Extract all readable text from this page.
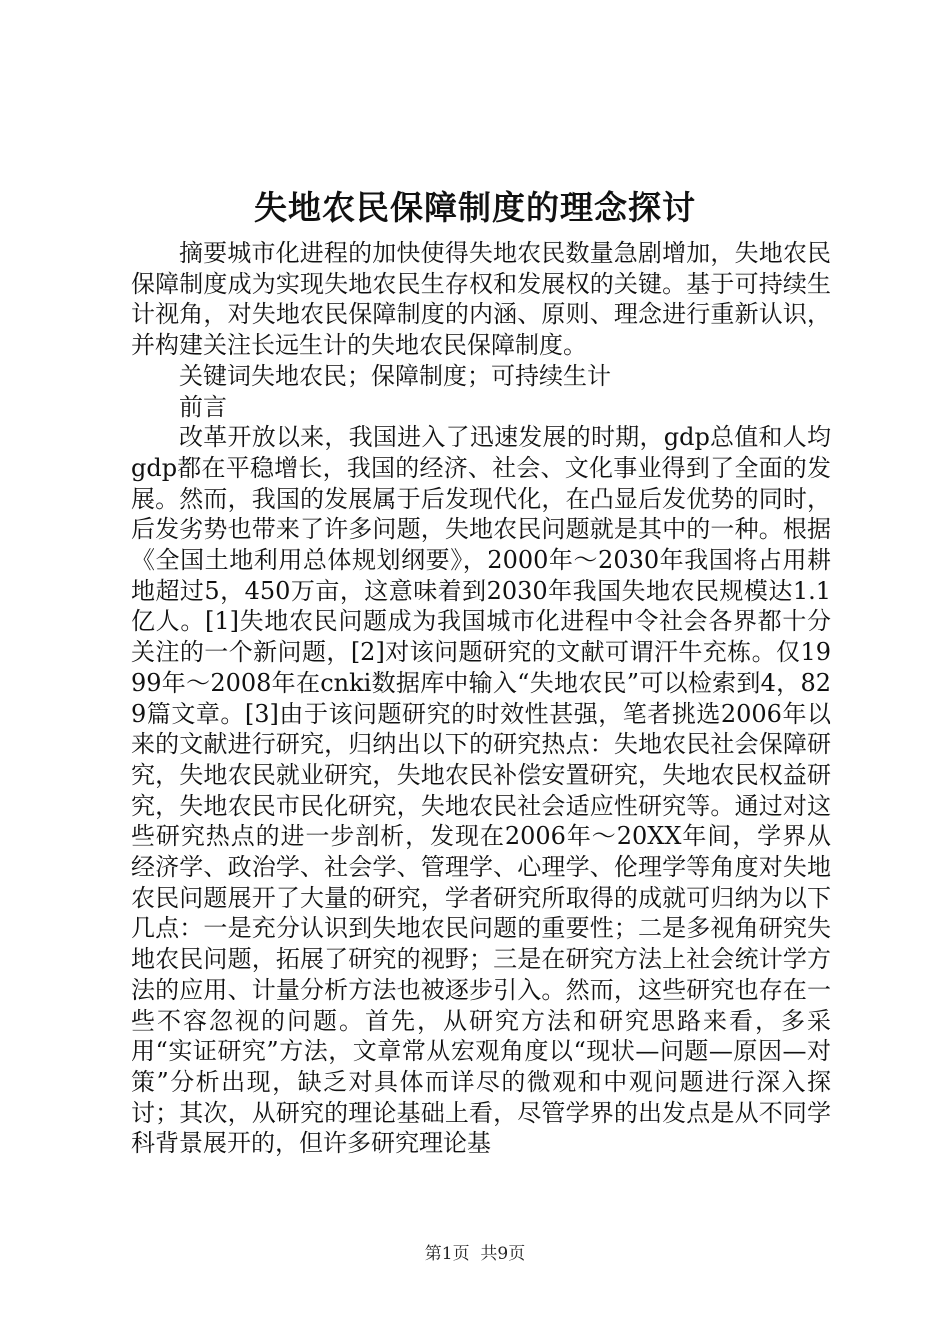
失地农民保障制度的理念探讨

摘要城市化进程的加快使得失地农民数量急剧增加，失地农民保障制度成为实现失地农民生存权和发展权的关键。基于可持续生计视角，对失地农民保障制度的内涵、原则、理念进行重新认识，并构建关注长远生计的失地农民保障制度。

关键词失地农民；保障制度；可持续生计

前言

改革开放以来，我国进入了迅速发展的时期，gdp总值和人均gdp都在平稳增长，我国的经济、社会、文化事业得到了全面的发展。然而，我国的发展属于后发现代化，在凸显后发优势的同时，后发劣势也带来了许多问题，失地农民问题就是其中的一种。根据《全国土地利用总体规划纲要》，2000年～2030年我国将占用耕地超过5，450万亩，这意味着到2030年我国失地农民规模达1.1亿人。[1]失地农民问题成为我国城市化进程中令社会各界都十分关注的一个新问题，[2]对该问题研究的文献可谓汗牛充栋。仅1999年～2008年在cnki数据库中输入“失地农民”可以检索到4，829篇文章。[3]由于该问题研究的时效性甚强，笔者挑选2006年以来的文献进行研究，归纳出以下的研究热点：失地农民社会保障研究，失地农民就业研究，失地农民补偿安置研究，失地农民权益研究，失地农民市民化研究，失地农民社会适应性研究等。通过对这些研究热点的进一步剖析，发现在2006年～20XX年间，学界从经济学、政治学、社会学、管理学、心理学、伦理学等角度对失地农民问题展开了大量的研究，学者研究所取得的成就可归纳为以下几点：一是充分认识到失地农民问题的重要性；二是多视角研究失地农民问题，拓展了研究的视野；三是在研究方法上社会统计学方法的应用、计量分析方法也被逐步引入。然而，这些研究也存在一些不容忽视的问题。首先，从研究方法和研究思路来看，多采用“实证研究”方法，文章常从宏观角度以“现状—问题—原因—对策”分析出现，缺乏对具体而详尽的微观和中观问题进行深入探讨；其次，从研究的理论基础上看，尽管学界的出发点是从不同学科背景展开的，但许多研究理论基

第1页  共9页
